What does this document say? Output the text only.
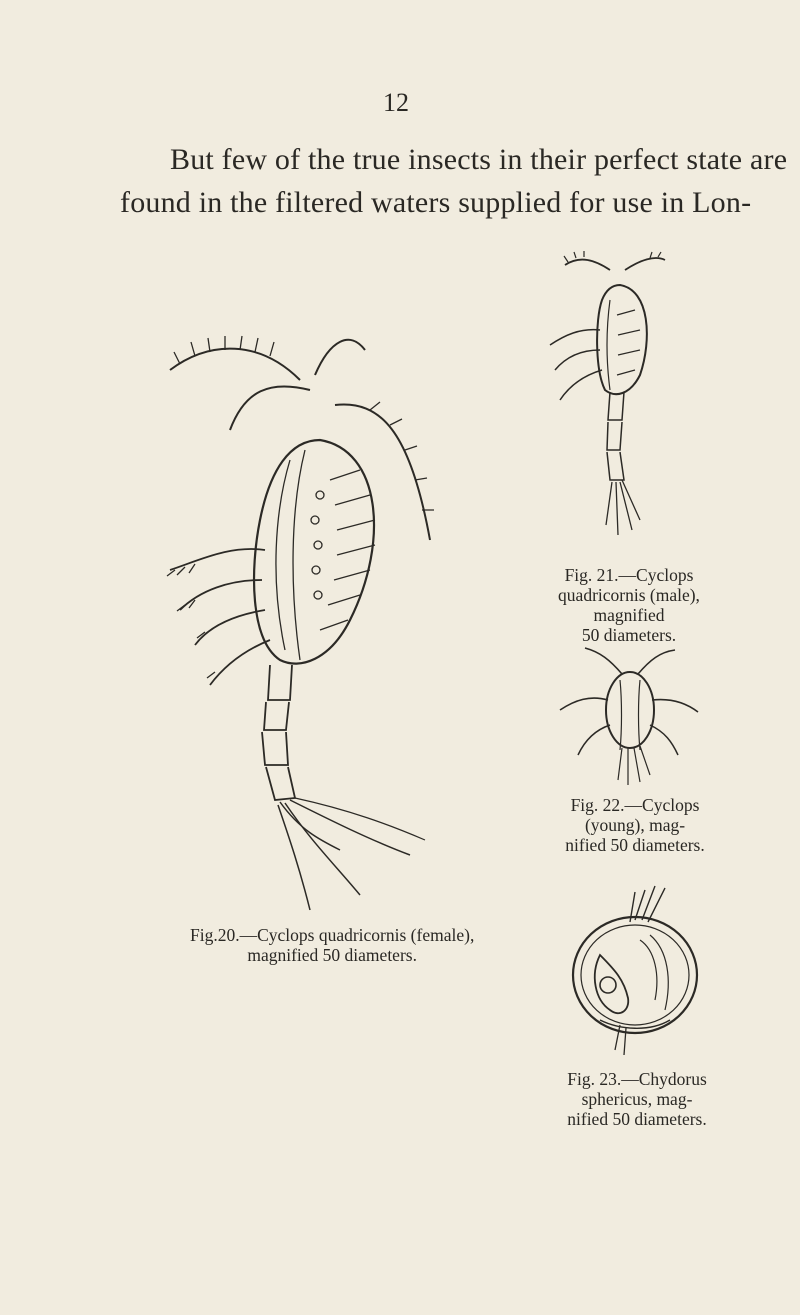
12
But few of the true insects in their perfect state are
found in the filtered waters supplied for use in Lon-
Fig.20.—Cyclops quadricornis (female),
magnified 50 diameters.
Fig. 21.—Cyclops
quadricornis (male),
magnified
50 diameters.
Fig. 22.—Cyclops
(young), mag-
nified 50 diameters.
Fig. 23.—Chydorus
sphericus, mag-
nified 50 diameters.
